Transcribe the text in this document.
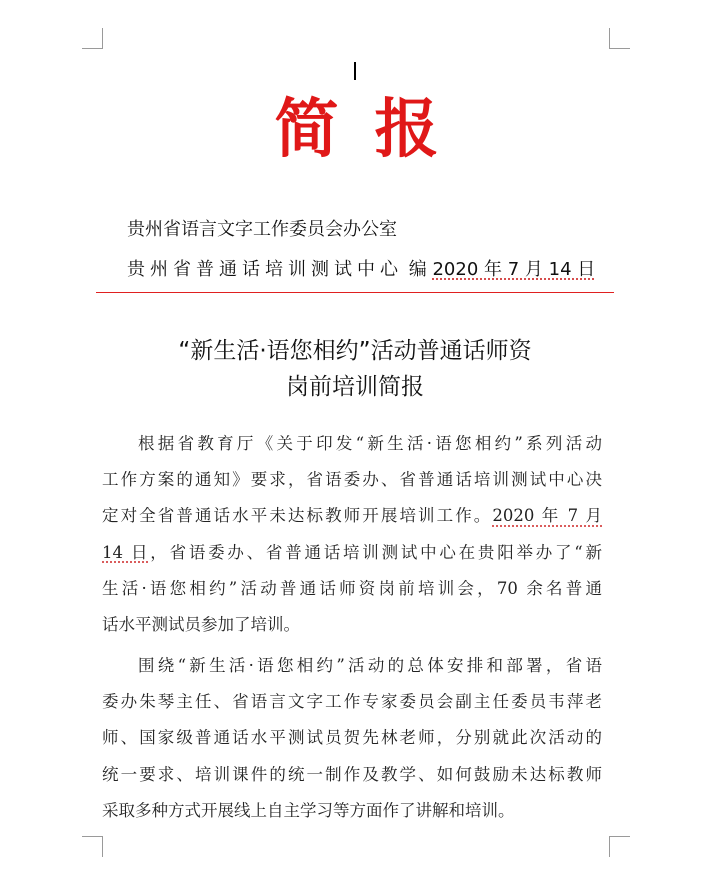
简报
贵州省语言文字工作委员会办公室
贵州省普通话培训测试中心 编 2020 年 7 月 14 日
“新生活·语您相约”活动普通话师资
岗前培训简报
根据省教育厅《关于印发“新生活·语您相约”系列活动
工作方案的通知》要求，省语委办、省普通话培训测试中心决
定对全省普通话水平未达标教师开展培训工作。2020 年 7 月
14 日，省语委办、省普通话培训测试中心在贵阳举办了“新
生活·语您相约”活动普通话师资岗前培训会，70 余名普通
话水平测试员参加了培训。
围绕“新生活·语您相约”活动的总体安排和部署，省语
委办朱琴主任、省语言文字工作专家委员会副主任委员韦萍老
师、国家级普通话水平测试员贺先林老师，分别就此次活动的
统一要求、培训课件的统一制作及教学、如何鼓励未达标教师
采取多种方式开展线上自主学习等方面作了讲解和培训。
